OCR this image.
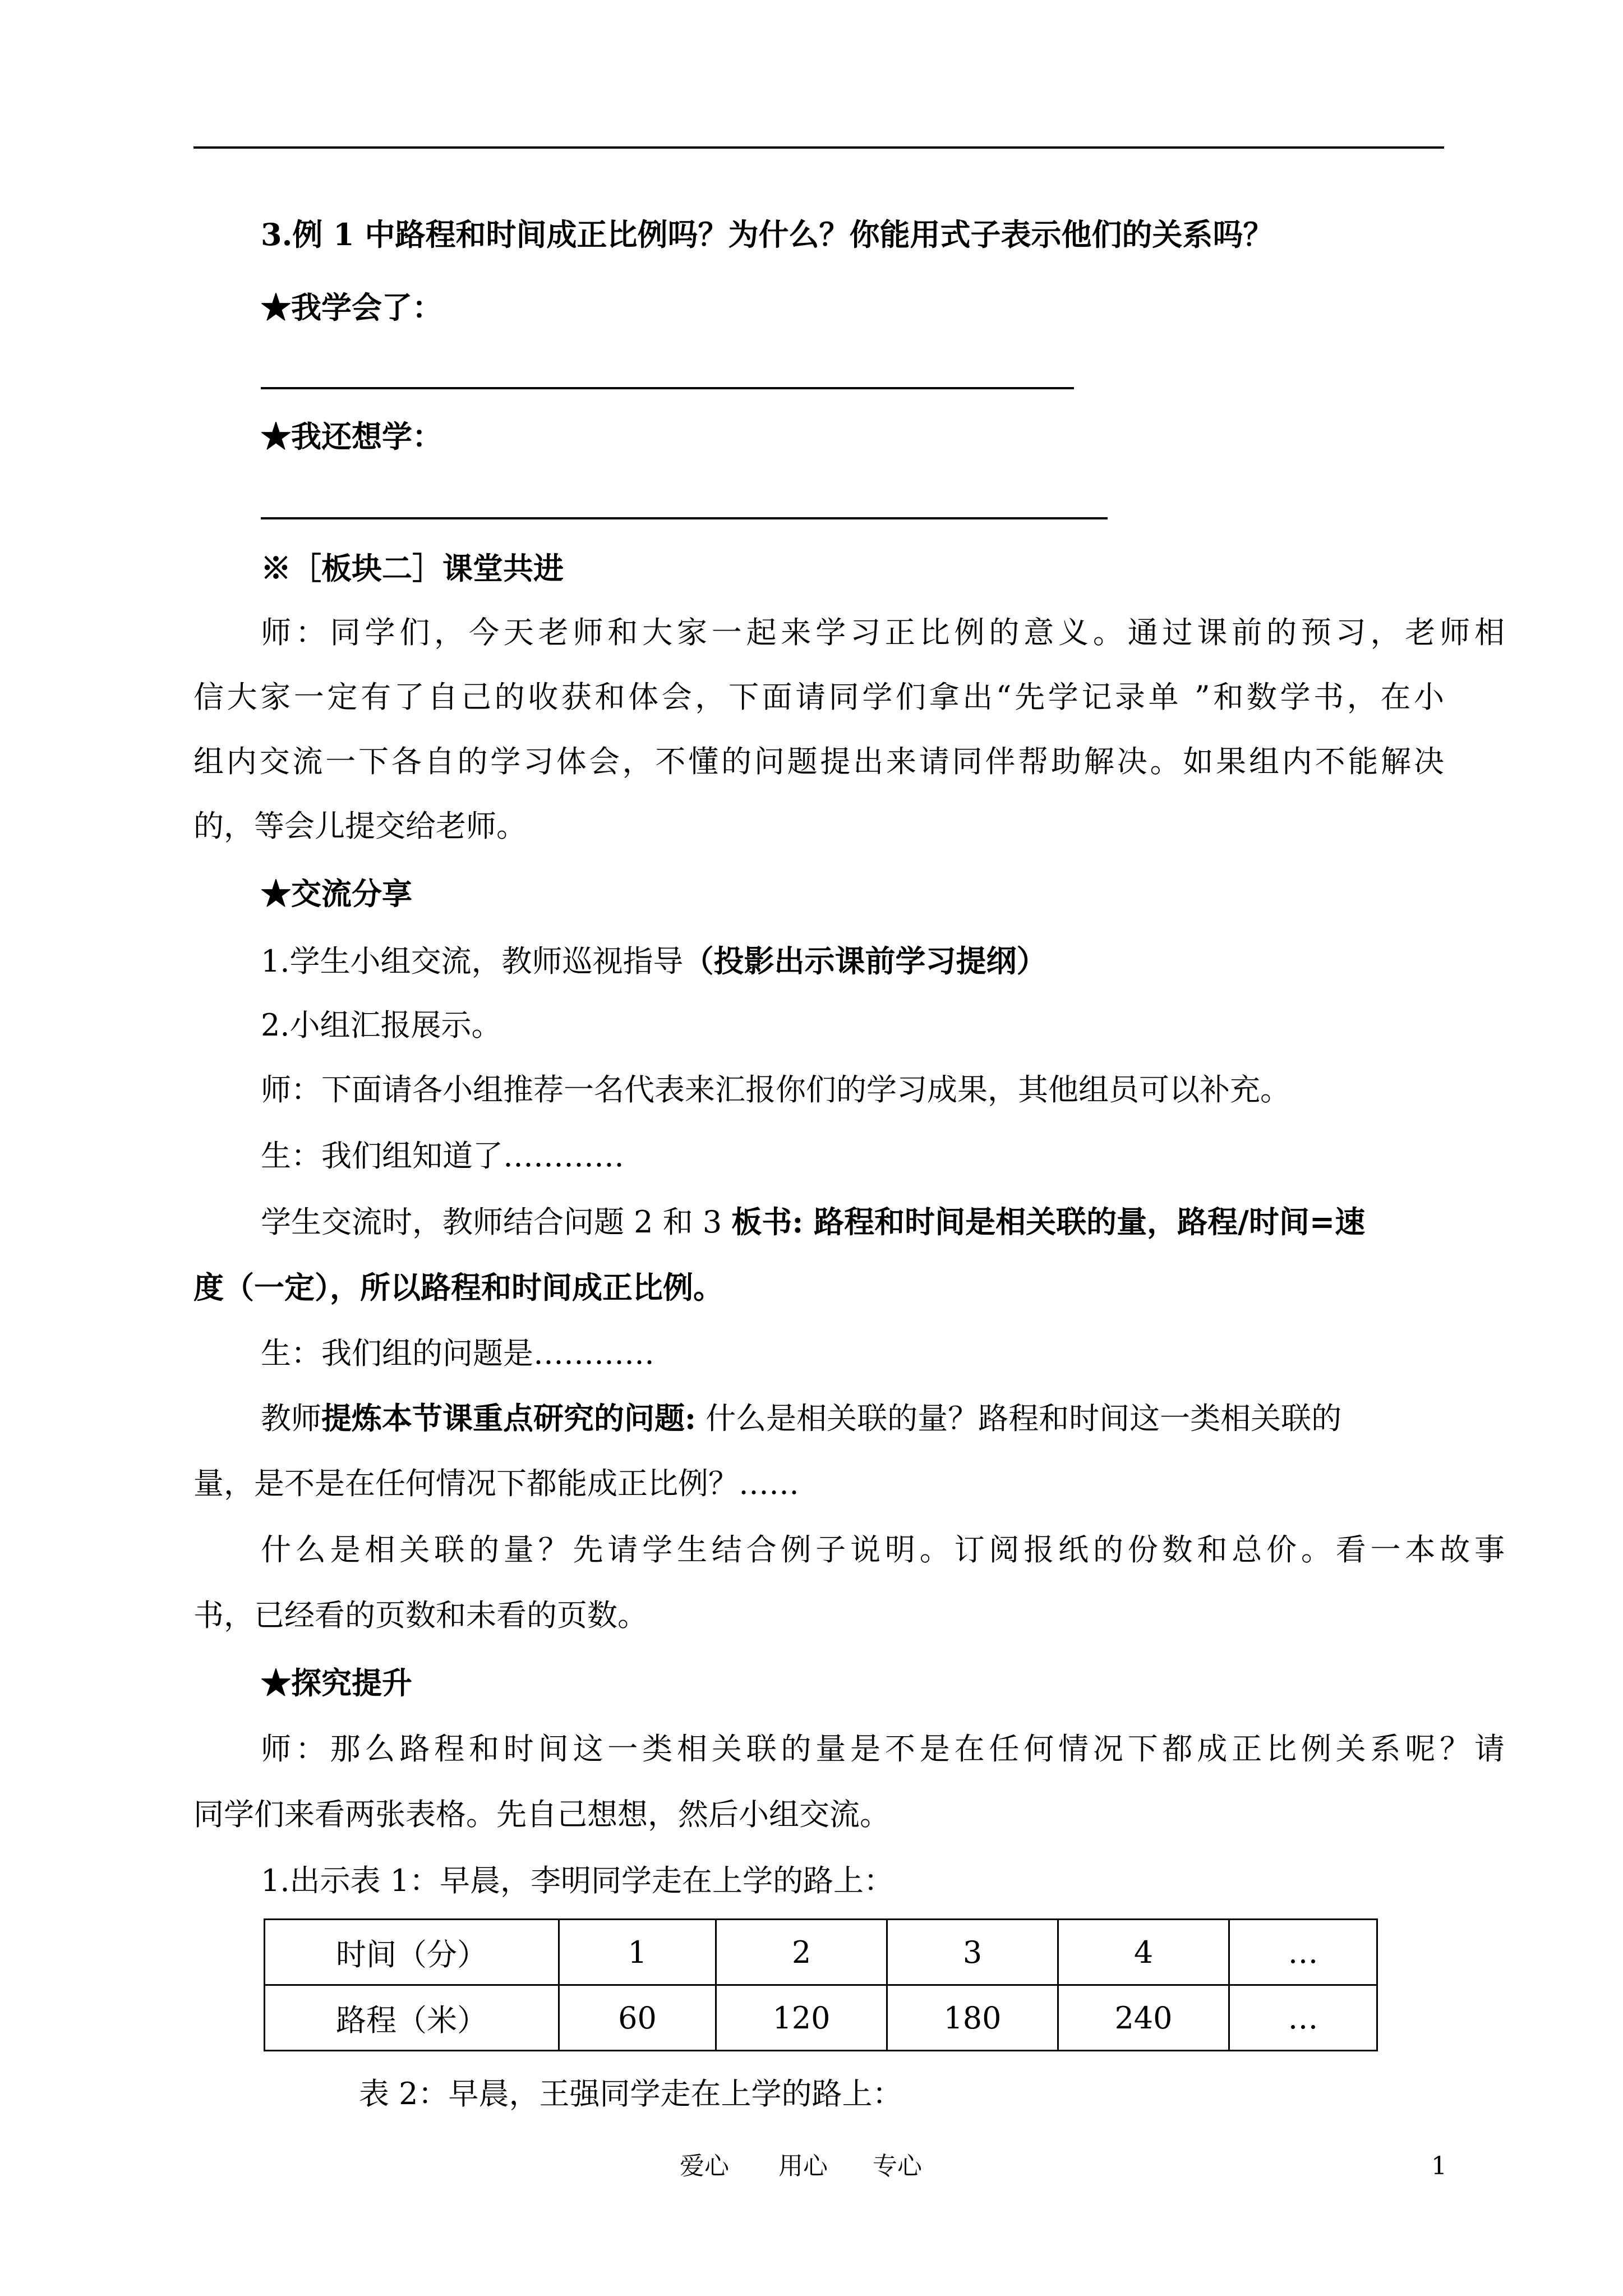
3.例 1 中路程和时间成正比例吗？为什么？你能用式子表示他们的关系吗？
★我学会了：
★我还想学：
※［板块二］课堂共进
师：同学们，今天老师和大家一起来学习正比例的意义。通过课前的预习，老师相
信大家一定有了自己的收获和体会，下面请同学们拿出“先学记录单 ”和数学书，在小
组内交流一下各自的学习体会，不懂的问题提出来请同伴帮助解决。如果组内不能解决
的，等会儿提交给老师。
★交流分享
1.学生小组交流，教师巡视指导（投影出示课前学习提纲）
2.小组汇报展示。
师：下面请各小组推荐一名代表来汇报你们的学习成果，其他组员可以补充。
生：我们组知道了…………
学生交流时，教师结合问题 2 和 3 板书: 路程和时间是相关联的量，路程/时间=速
度（一定），所以路程和时间成正比例。
生：我们组的问题是…………
教师提炼本节课重点研究的问题: 什么是相关联的量？路程和时间这一类相关联的
量，是不是在任何情况下都能成正比例？……
什么是相关联的量？先请学生结合例子说明。订阅报纸的份数和总价。看一本故事
书，已经看的页数和未看的页数。
★探究提升
师：那么路程和时间这一类相关联的量是不是在任何情况下都成正比例关系呢？请
同学们来看两张表格。先自己想想，然后小组交流。
1.出示表 1：早晨，李明同学走在上学的路上：
时间（分）	1	2	3	4	…
路程（米）	60	120	180	240	…
表 2：早晨，王强同学走在上学的路上：
爱心 用心 专心	1
